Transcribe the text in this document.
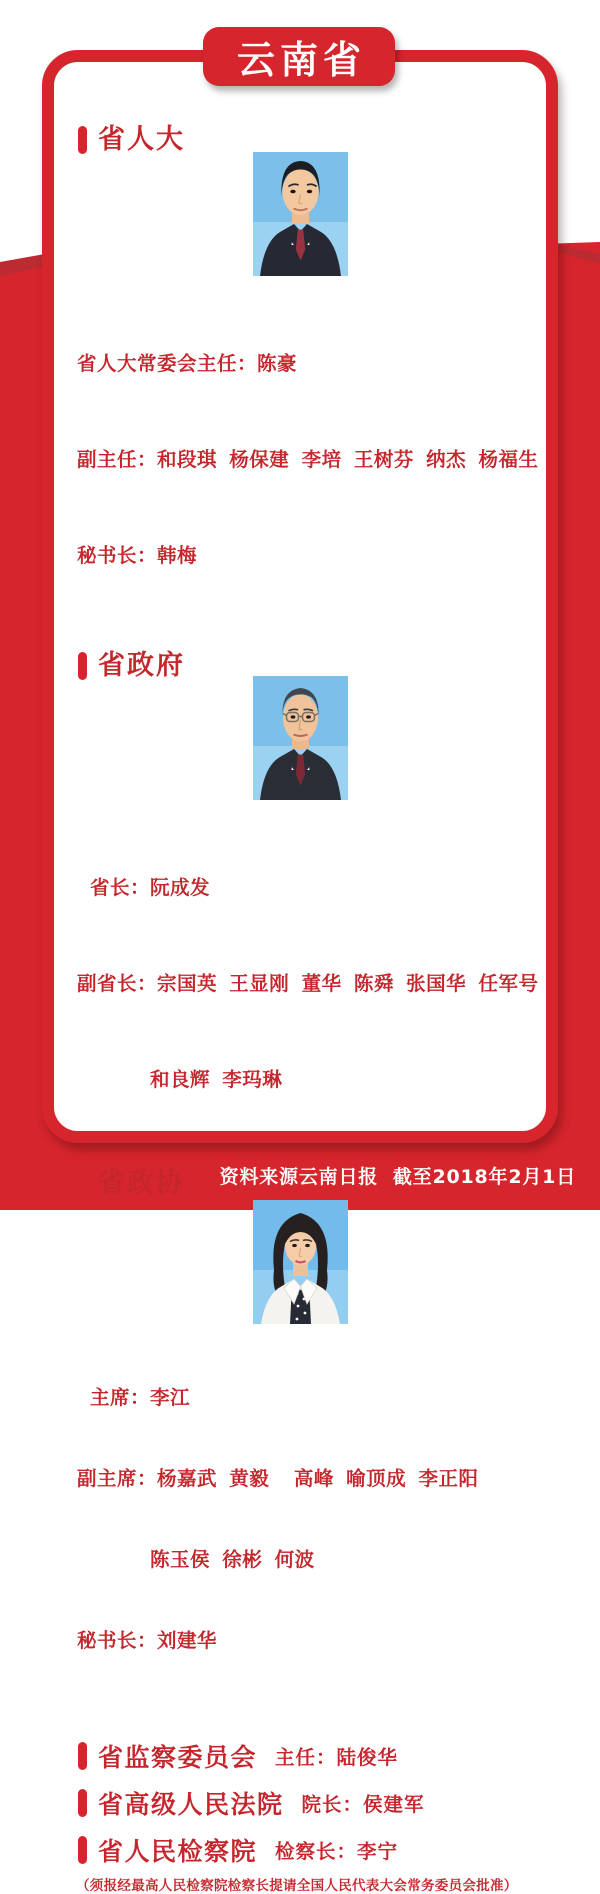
省人大

省人大常委会主任：陈豪

副主任：和段琪 杨保建 李培 王树芬 纳杰 杨福生

秘书长：韩梅

省政府

省长：阮成发

副省长：宗国英 王显刚 董华 陈舜 张国华 任军号

和良辉 李玛琳

省政协

主席：李江

副主席：杨嘉武 黄毅  高峰 喻顶成 李正阳

陈玉侯 徐彬 何波

秘书长：刘建华

省监察委员会 主任：陆俊华
省高级人民法院 院长：侯建军
省人民检察院 检察长：李宁
（须报经最高人民检察院检察长提请全国人民代表大会常务委员会批准）
云南省
资料来源云南日报  截至2018年2月1日
